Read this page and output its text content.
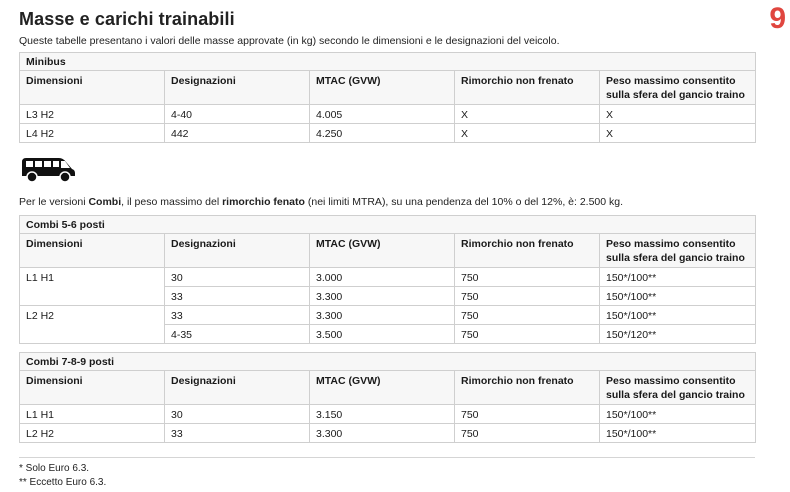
Masse e carichi trainabili	9
Queste tabelle presentano i valori delle masse approvate (in kg) secondo le dimensioni e le designazioni del veicolo.
Minibus				
Dimensioni	Designazioni	MTAC (GVW)	Rimorchio non frenato	Peso massimo consentito
sulla sfera del gancio traino
L3 H2	4-40	4.005	X	X
L4 H2	442	4.250	X	X
Per le versioni Combi, il peso massimo del rimorchio fenato (nei limiti MTRA), su una pendenza del 10% o del 12%, è: 2.500 kg.
Combi 5-6 posti				
Dimensioni	Designazioni	MTAC (GVW)	Rimorchio non frenato	Peso massimo consentito
sulla sfera del gancio traino
L1 H1	30	3.000	750	150*/100**
	33	3.300	750	150*/100**
L2 H2	33	3.300	750	150*/100**
	4-35	3.500	750	150*/120**
Combi 7-8-9 posti				
Dimensioni	Designazioni	MTAC (GVW)	Rimorchio non frenato	Peso massimo consentito
sulla sfera del gancio traino
L1 H1	30	3.150	750	150*/100**
L2 H2	33	3.300	750	150*/100**
* Solo Euro 6.3.
** Eccetto Euro 6.3.
